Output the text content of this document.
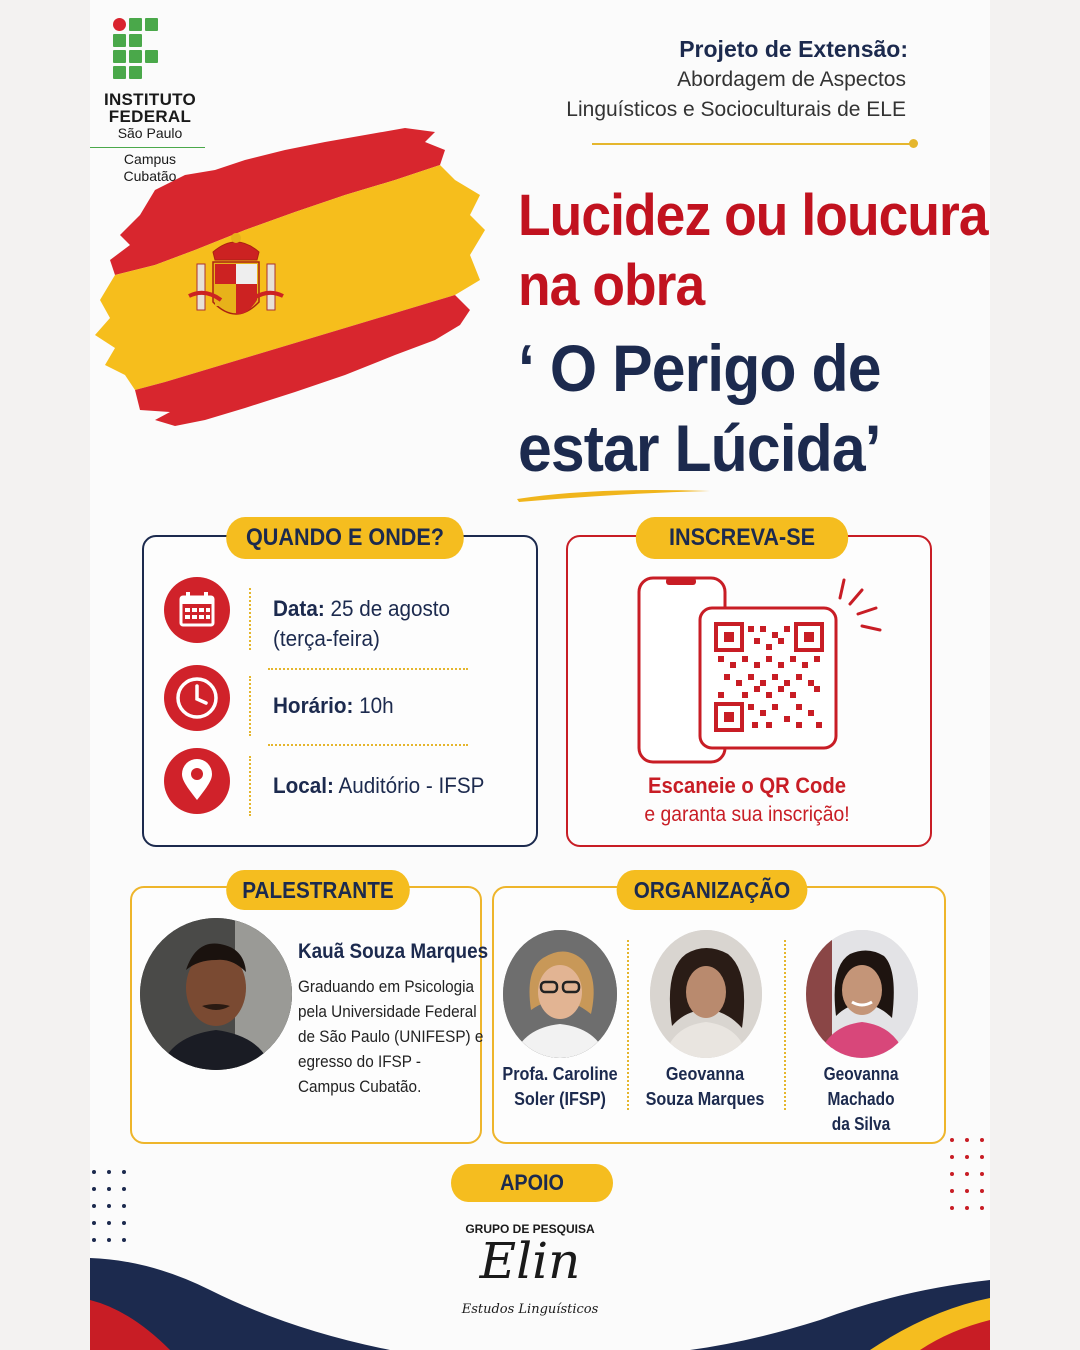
INSTITUTO
FEDERAL
São Paulo
Campus
Cubatão
Projeto de Extensão:
Abordagem de Aspectos
Linguísticos e Socioculturais de ELE
Lucidez ou loucura
na obra
‘ O Perigo de
estar Lúcida’
QUANDO E ONDE?
Data: 25 de agosto
(terça-feira)
Horário: 10h
Local: Auditório - IFSP
INSCREVA-SE
Escaneie o QR Code
e garanta sua inscrição!
PALESTRANTE
Kauã Souza Marques
Graduando em Psicologia
pela Universidade Federal
de São Paulo (UNIFESP) e
egresso do IFSP -
Campus Cubatão.
ORGANIZAÇÃO
Profa. Caroline
Soler (IFSP)
Geovanna
Souza Marques
Geovanna Machado
da Silva
APOIO
GRUPO DE PESQUISA
Elin
Estudos Linguísticos
